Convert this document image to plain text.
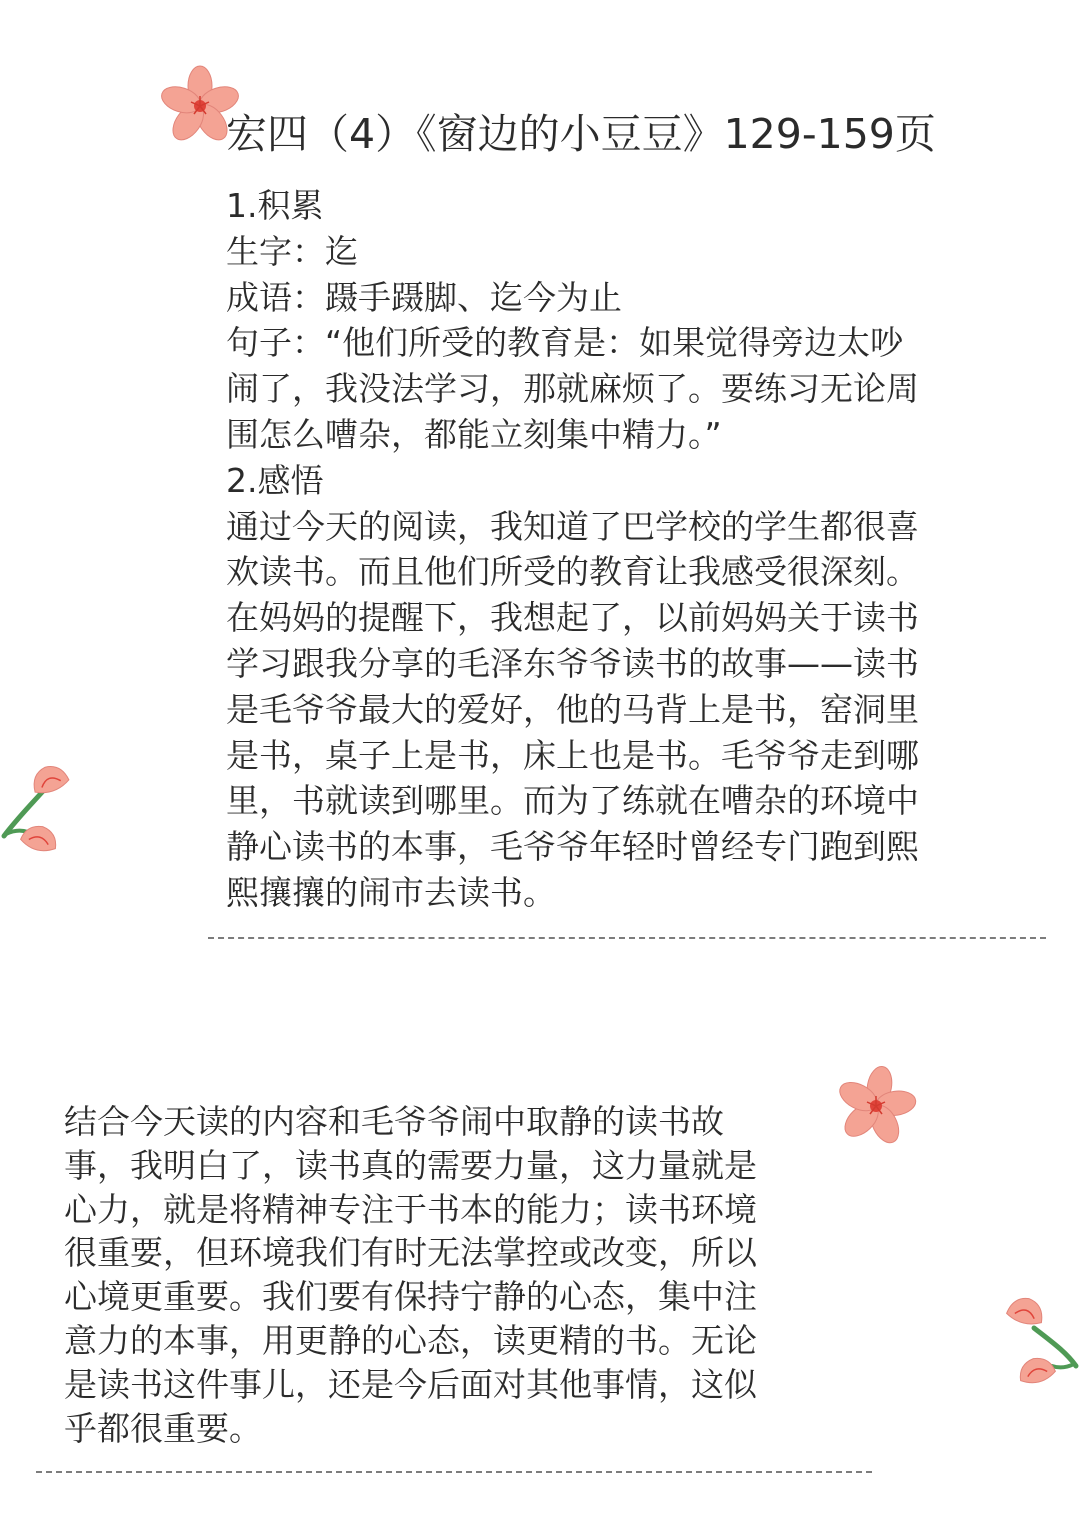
宏四（4）《窗边的小豆豆》129-159页
1.积累
生字：迄
成语：蹑手蹑脚、迄今为止
句子：“他们所受的教育是：如果觉得旁边太吵
闹了，我没法学习，那就麻烦了。要练习无论周
围怎么嘈杂，都能立刻集中精力。”
2.感悟
通过今天的阅读，我知道了巴学校的学生都很喜
欢读书。而且他们所受的教育让我感受很深刻。
在妈妈的提醒下，我想起了，以前妈妈关于读书
学习跟我分享的毛泽东爷爷读书的故事——读书
是毛爷爷最大的爱好，他的马背上是书，窑洞里
是书，桌子上是书，床上也是书。毛爷爷走到哪
里，书就读到哪里。而为了练就在嘈杂的环境中
静心读书的本事，毛爷爷年轻时曾经专门跑到熙
熙攘攘的闹市去读书。
结合今天读的内容和毛爷爷闹中取静的读书故
事，我明白了，读书真的需要力量，这力量就是
心力，就是将精神专注于书本的能力；读书环境
很重要，但环境我们有时无法掌控或改变，所以
心境更重要。我们要有保持宁静的心态，集中注
意力的本事，用更静的心态，读更精的书。无论
是读书这件事儿，还是今后面对其他事情，这似
乎都很重要。
